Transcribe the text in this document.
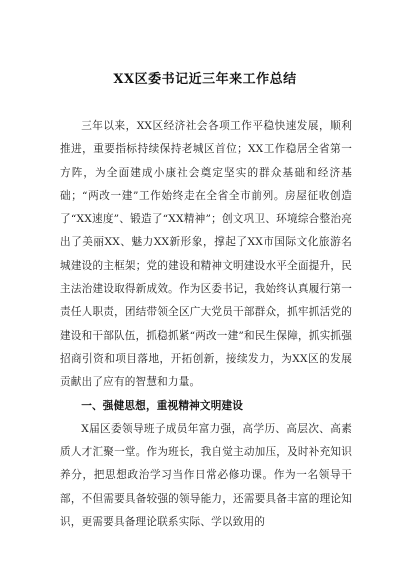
XX区委书记近三年来工作总结

三年以来，XX区经济社会各项工作平稳快速发展，顺利推进，重要指标持续保持老城区首位；XX工作稳居全省第一方阵，为全面建成小康社会奠定坚实的群众基础和经济基础；“两改一建”工作始终走在全省全市前列。房屋征收创造了“XX速度”、锻造了“XX精神”；创文巩卫、环境综合整治亮出了美丽XX、魅力XX新形象，撑起了XX市国际文化旅游名城建设的主框架；党的建设和精神文明建设水平全面提升，民主法治建设取得新成效。作为区委书记，我始终认真履行第一责任人职责，团结带领全区广大党员干部群众，抓牢抓活党的建设和干部队伍，抓稳抓紧“两改一建”和民生保障，抓实抓强招商引资和项目落地，开拓创新，接续发力，为XX区的发展贡献出了应有的智慧和力量。

一、强健思想，重视精神文明建设

X届区委领导班子成员年富力强，高学历、高层次、高素质人才汇聚一堂。作为班长，我自觉主动加压，及时补充知识养分，把思想政治学习当作日常必修功课。作为一名领导干部，不但需要具备较强的领导能力，还需要具备丰富的理论知识，更需要具备理论联系实际、学以致用的
